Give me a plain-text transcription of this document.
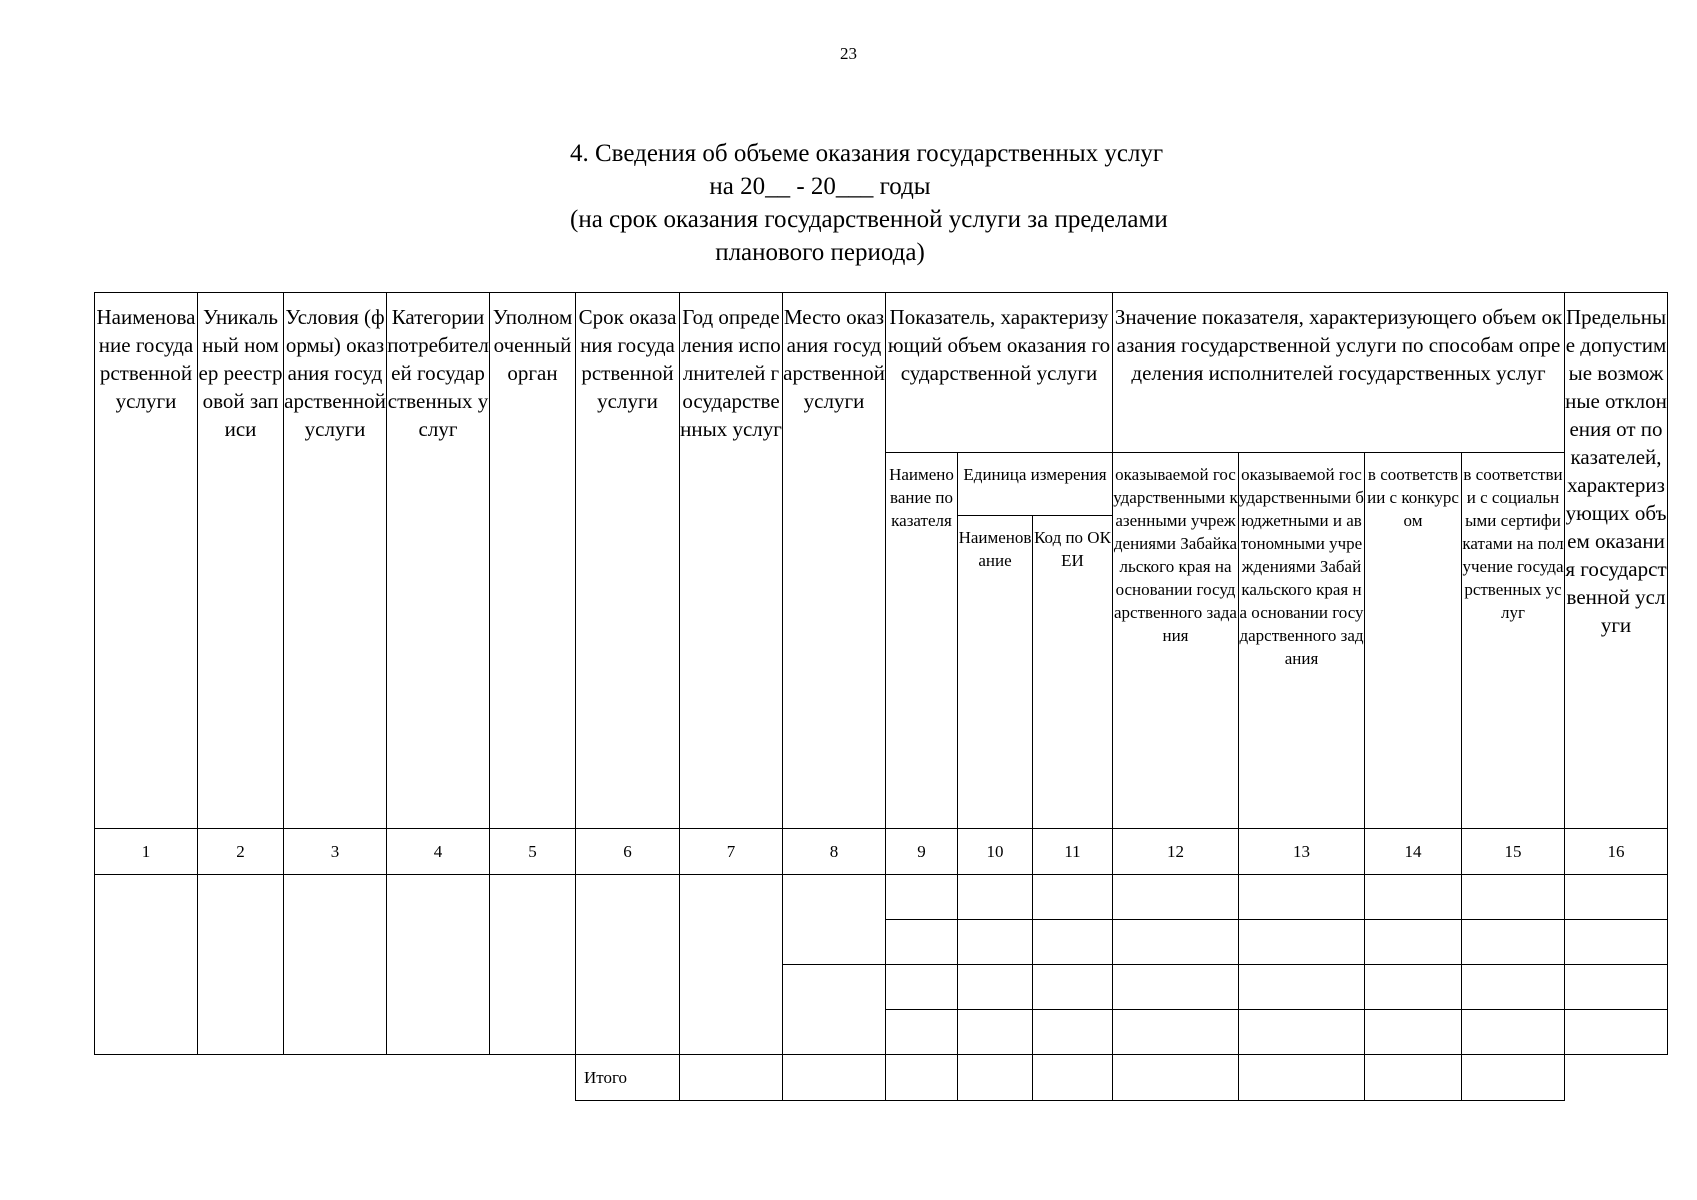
23
4. Сведения об объеме оказания государственных услуг
на 20__ - 20___ годы
(на срок оказания государственной услуги за пределами
планового периода)
Наименование государственной услуги	Уникальный номер реестровой записи	Условия (формы) оказания государственной услуги	Категории потребителей государственных услуг	Уполномоченный орган	Срок оказания государственной услуги	Год определения исполнителей государственных услуг	Место оказания государственной услуги	Показатель, характеризующий объем оказания государственной услуги			Значение показателя, характеризующего объем оказания государственной услуги по способам определения исполнителей государственных услуг				Предельные допустимые возможные отклонения от показателей, характеризующих объем оказания государственной услуги
								Наименование показателя	Единица измерения		оказываемой государственными казенными учреждениями Забайкальского края на основании государственного задания	оказываемой государственными бюджетными и автономными учреждениями Забайкальского края на основании государственного задания	в соответствии с конкурсом	в соответствии с социальными сертификатами на получение государственных услуг	
									Наименование	Код по ОКЕИ					
1	2	3	4	5	6	7	8	9	10	11	12	13	14	15	16

					Итого										
